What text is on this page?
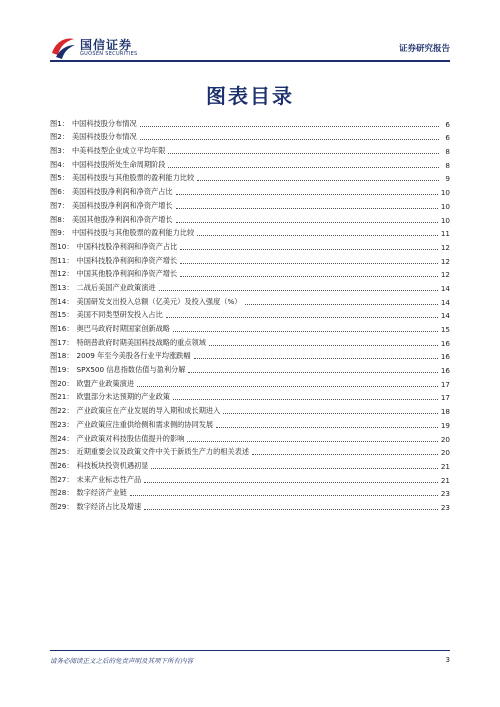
国信证券
GUOSEN SECURITIES	证券研究报告
图表目录
图1： 中国科技股分布情况	6
图2： 美国科技股分布情况	6
图3： 中美科技型企业成立平均年限	8
图4： 中国科技股所处生命周期阶段	8
图5： 美国科技股与其他股票的盈利能力比较	9
图6： 美国科技股净利润和净资产占比	10
图7： 美国科技股净利润和净资产增长	10
图8： 美国其他股净利润和净资产增长	10
图9： 中国科技股与其他股票的盈利能力比较	11
图10： 中国科技股净利润和净资产占比	12
图11： 中国科技股净利润和净资产增长	12
图12： 中国其他股净利润和净资产增长	12
图13： 二战后美国产业政策演进	14
图14： 美国研发支出投入总额（亿美元）及投入强度（%）	14
图15： 美国不同类型研发投入占比	14
图16： 奥巴马政府时期国家创新战略	15
图17： 特朗普政府时期美国科技战略的重点领域	16
图18： 2009 年至今美股各行业平均涨跌幅	16
图19： SPX500 信息指数估值与盈利分解	16
图20： 欧盟产业政策演进	17
图21： 欧盟部分未达预期的产业政策	17
图22： 产业政策应在产业发展的导入期和成长期进入	18
图23： 产业政策应注重供给侧和需求侧的协同发展	19
图24： 产业政策对科技股估值提升的影响	20
图25： 近期重要会议及政策文件中关于新质生产力的相关表述	20
图26： 科技板块投资机遇初显	21
图27： 未来产业标志性产品	21
图28： 数字经济产业链	23
图29： 数字经济占比及增速	23
请务必阅读正文之后的免责声明及其项下所有内容	3
